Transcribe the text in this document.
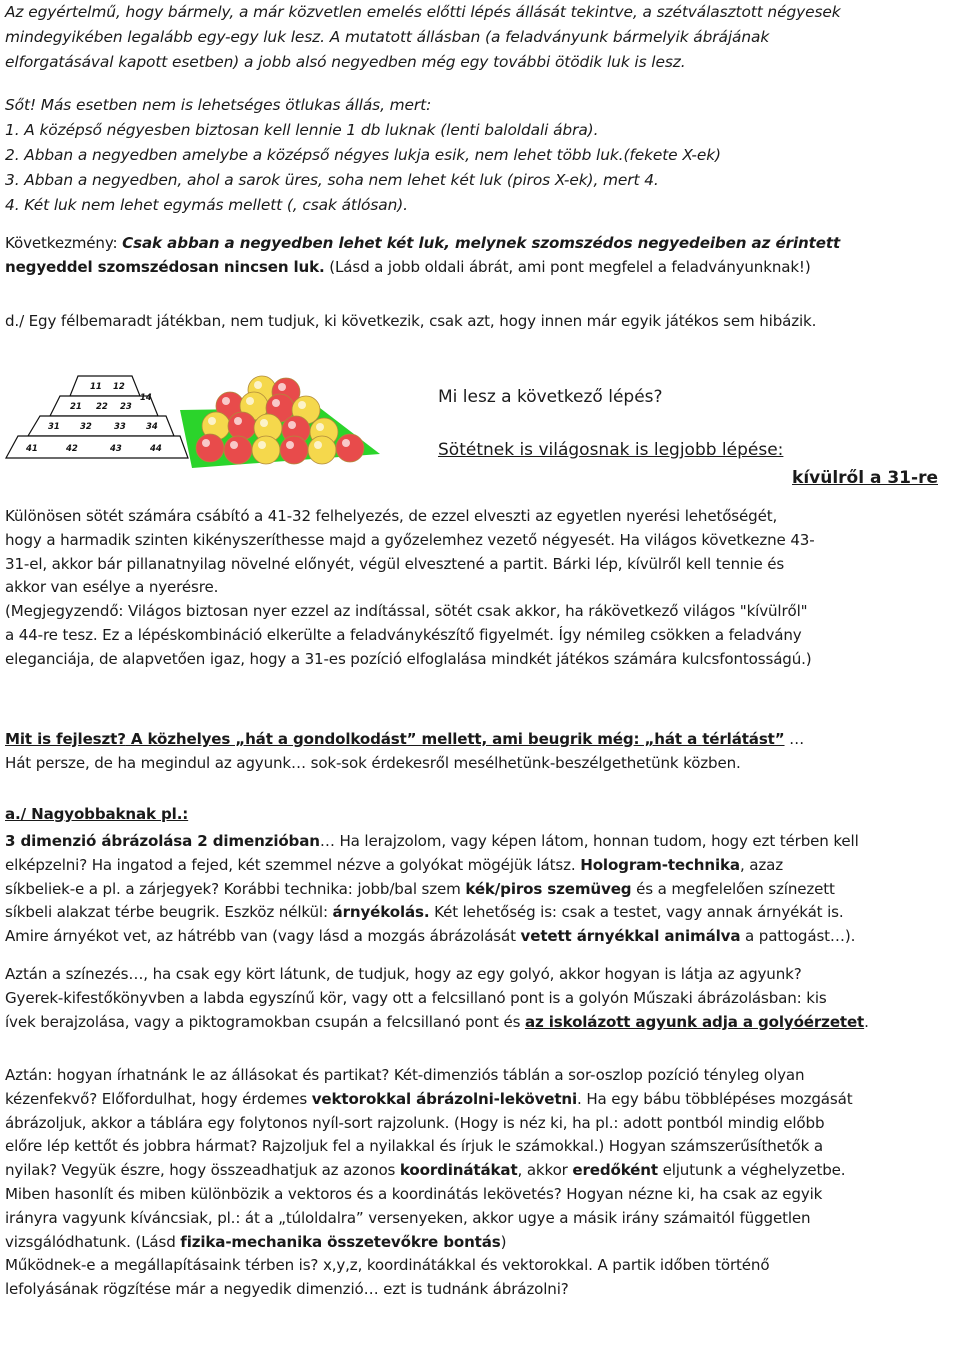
Az egyértelmű, hogy bármely, a már közvetlen emelés előtti lépés állását tekintve, a szétválasztott négyesek
mindegyikében legalább egy-egy luk lesz. A mutatott állásban (a feladványunk bármelyik ábrájának
elforgatásával kapott esetben) a jobb alsó negyedben még egy további ötödik luk is lesz.
Sőt! Más esetben nem is lehetséges ötlukas állás, mert:
1. A középső négyesben biztosan kell lennie 1 db luknak (lenti baloldali ábra).
2. Abban a negyedben amelybe a középső négyes lukja esik, nem lehet több luk.(fekete X-ek)
3. Abban a negyedben, ahol a sarok üres, soha nem lehet két luk (piros X-ek), mert 4.
4. Két luk nem lehet egymás mellett (, csak átlósan).
Következmény: Csak abban a negyedben lehet két luk, melynek szomszédos negyedeiben az érintett
negyeddel szomszédosan nincsen luk. (Lásd a jobb oldali ábrát, ami pont megfelel a feladványunknak!)
d./ Egy félbemaradt játékban, nem tudjuk, ki következik, csak azt, hogy innen már egyik játékos sem hibázik.
11 12
21 22 23
14
31 32	33 34
41	42	43	44
Mi lesz a következő lépés?
Sötétnek is világosnak is legjobb lépése:
kívülről a 31-re
Különösen sötét számára csábító a 41-32 felhelyezés, de ezzel elveszti az egyetlen nyerési lehetőségét,
hogy a harmadik szinten kikényszeríthesse majd a győzelemhez vezető négyesét. Ha világos következne 43-
31-el, akkor bár pillanatnyilag növelné előnyét, végül elvesztené a partit. Bárki lép, kívülről kell tennie és
akkor van esélye a nyerésre.
(Megjegyzendő: Világos biztosan nyer ezzel az indítással, sötét csak akkor, ha rákövetkező világos "kívülről"
a 44-re tesz. Ez a lépéskombináció elkerülte a feladványkészítő figyelmét. Így némileg csökken a feladvány
eleganciája, de alapvetően igaz, hogy a 31-es pozíció elfoglalása mindkét játékos számára kulcsfontosságú.)
Mit is fejleszt? A közhelyes „hát a gondolkodást” mellett, ami beugrik még: „hát a térlátást” …
Hát persze, de ha megindul az agyunk… sok-sok érdekesről mesélhetünk-beszélgethetünk közben.
a./ Nagyobbaknak pl.:
3 dimenzió ábrázolása 2 dimenzióban… Ha lerajzolom, vagy képen látom, honnan tudom, hogy ezt térben kell
elképzelni? Ha ingatod a fejed, két szemmel nézve a golyókat mögéjük látsz. Hologram-technika, azaz
síkbeliek-e a pl. a zárjegyek? Korábbi technika: jobb/bal szem kék/piros szemüveg és a megfelelően színezett
síkbeli alakzat térbe beugrik. Eszköz nélkül: árnyékolás. Két lehetőség is: csak a testet, vagy annak árnyékát is.
Amire árnyékot vet, az hátrébb van (vagy lásd a mozgás ábrázolását vetett árnyékkal animálva a pattogást…).
Aztán a színezés…, ha csak egy kört látunk, de tudjuk, hogy az egy golyó, akkor hogyan is látja az agyunk?
Gyerek-kifestőkönyvben a labda egyszínű kör, vagy ott a felcsillanó pont is a golyón Műszaki ábrázolásban: kis
ívek berajzolása, vagy a piktogramokban csupán a felcsillanó pont és az iskolázott agyunk adja a golyóérzetet.
Aztán: hogyan írhatnánk le az állásokat és partikat? Két-dimenziós táblán a sor-oszlop pozíció tényleg olyan
kézenfekvő? Előfordulhat, hogy érdemes vektorokkal ábrázolni-lekövetni. Ha egy bábu többlépéses mozgását
ábrázoljuk, akkor a táblára egy folytonos nyíl-sort rajzolunk. (Hogy is néz ki, ha pl.: adott pontból mindig előbb
előre lép kettőt és jobbra hármat? Rajzoljuk fel a nyilakkal és írjuk le számokkal.) Hogyan számszerűsíthetők a
nyilak? Vegyük észre, hogy összeadhatjuk az azonos koordinátákat, akkor eredőként eljutunk a véghelyzetbe.
Miben hasonlít és miben különbözik a vektoros és a koordinátás lekövetés? Hogyan nézne ki, ha csak az egyik
irányra vagyunk kíváncsiak, pl.: át a „túloldalra” versenyeken, akkor ugye a másik irány számaitól független
vizsgálódhatunk. (Lásd fizika-mechanika összetevőkre bontás)
Működnek-e a megállapításaink térben is? x,y,z, koordinátákkal és vektorokkal. A partik időben történő
lefolyásának rögzítése már a negyedik dimenzió… ezt is tudnánk ábrázolni?
